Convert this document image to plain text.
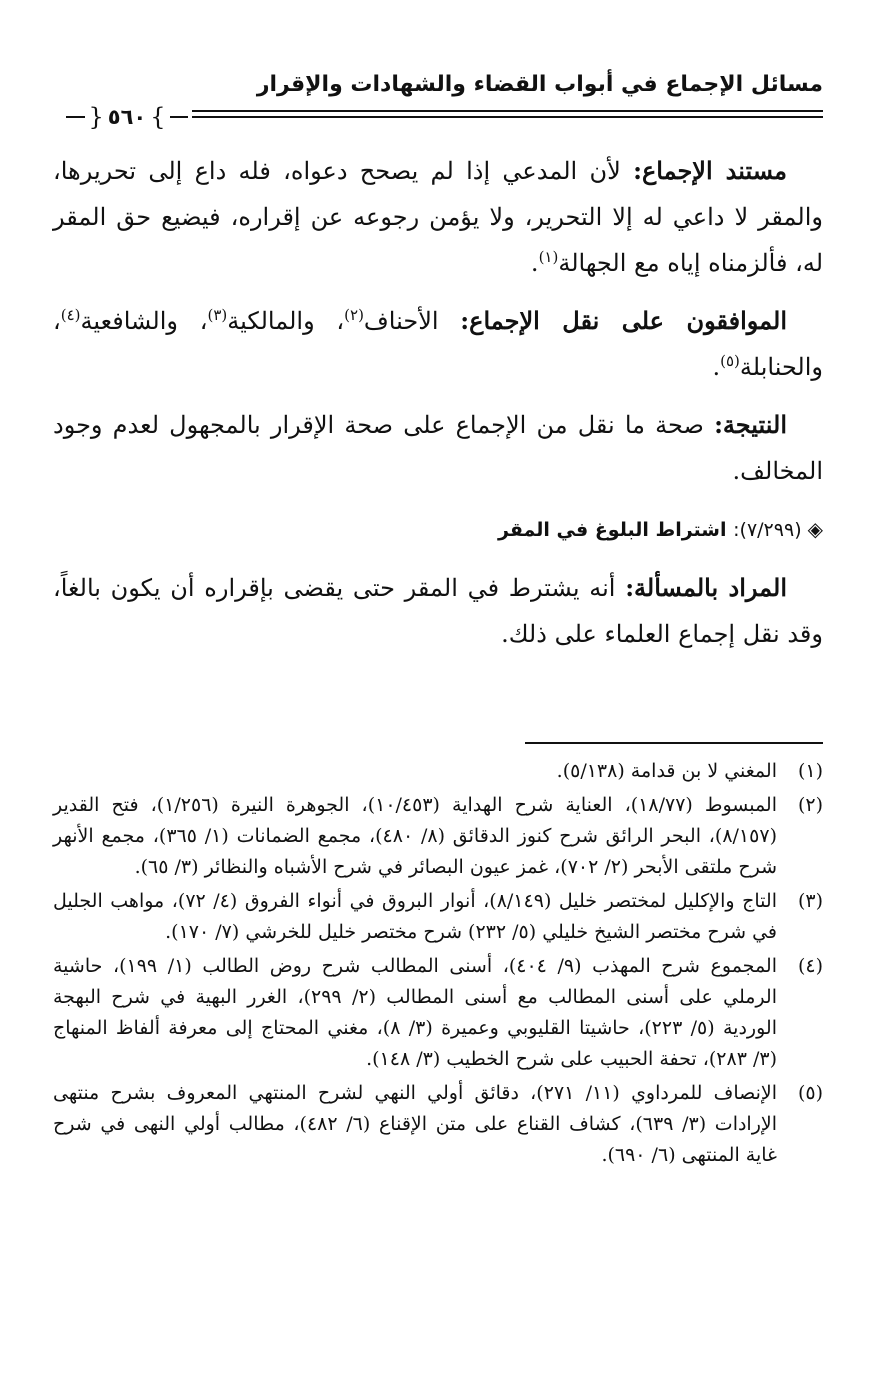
مسائل الإجماع في أبواب القضاء والشهادات والإقرار
}
٥٦٠
{

مستند الإجماع: لأن المدعي إذا لم يصحح دعواه، فله داع إلى تحريرها، والمقر لا داعي له إلا التحرير، ولا يؤمن رجوعه عن إقراره، فيضيع حق المقر له، فألزمناه إياه مع الجهالة$^{(١)}$.

الموافقون على نقل الإجماع: الأحناف$^{(٢)}$، والمالكية$^{(٣)}$، والشافعية$^{(٤)}$، والحنابلة$^{(٥)}$.

النتيجة: صحة ما نقل من الإجماع على صحة الإقرار بالمجهول لعدم وجود المخالف.

◈(٧/٢٩٩): اشتراط البلوغ في المقر

المراد بالمسألة: أنه يشترط في المقر حتى يقضى بإقراره أن يكون بالغاً، وقد نقل إجماع العلماء على ذلك.

(١)
المغني لا بن قدامة (٥/١٣٨).
(٢)
المبسوط (١٨/٧٧)، العناية شرح الهداية (١٠/٤٥٣)، الجوهرة النيرة (١/٢٥٦)، فتح القدير (٨/١٥٧)، البحر الرائق شرح كنوز الدقائق (٨/ ٤٨٠)، مجمع الضمانات (١/ ٣٦٥)، مجمع الأنهر شرح ملتقى الأبحر (٢/ ٧٠٢)، غمز عيون البصائر في شرح الأشباه والنظائر (٣/ ٦٥).
(٣)
التاج والإكليل لمختصر خليل (٨/١٤٩)، أنوار البروق في أنواء الفروق (٤/ ٧٢)، مواهب الجليل في شرح مختصر الشيخ خليلي (٥/ ٢٣٢) شرح مختصر خليل للخرشي (٧/ ١٧٠).
(٤)
المجموع شرح المهذب (٩/ ٤٠٤)، أسنى المطالب شرح روض الطالب (١/ ١٩٩)، حاشية الرملي على أسنى المطالب مع أسنى المطالب (٢/ ٢٩٩)، الغرر البهية في شرح البهجة الوردية (٥/ ٢٢٣)، حاشيتا القليوبي وعميرة (٣/ ٨)، مغني المحتاج إلى معرفة ألفاظ المنهاج (٣/ ٢٨٣)، تحفة الحبيب على شرح الخطيب (٣/ ١٤٨).
(٥)
الإنصاف للمرداوي (١١/ ٢٧١)، دقائق أولي النهي لشرح المنتهي المعروف بشرح منتهى الإرادات (٣/ ٦٣٩)، كشاف القناع على متن الإقناع (٦/ ٤٨٢)، مطالب أولي النهى في شرح غاية المنتهى (٦/ ٦٩٠).
